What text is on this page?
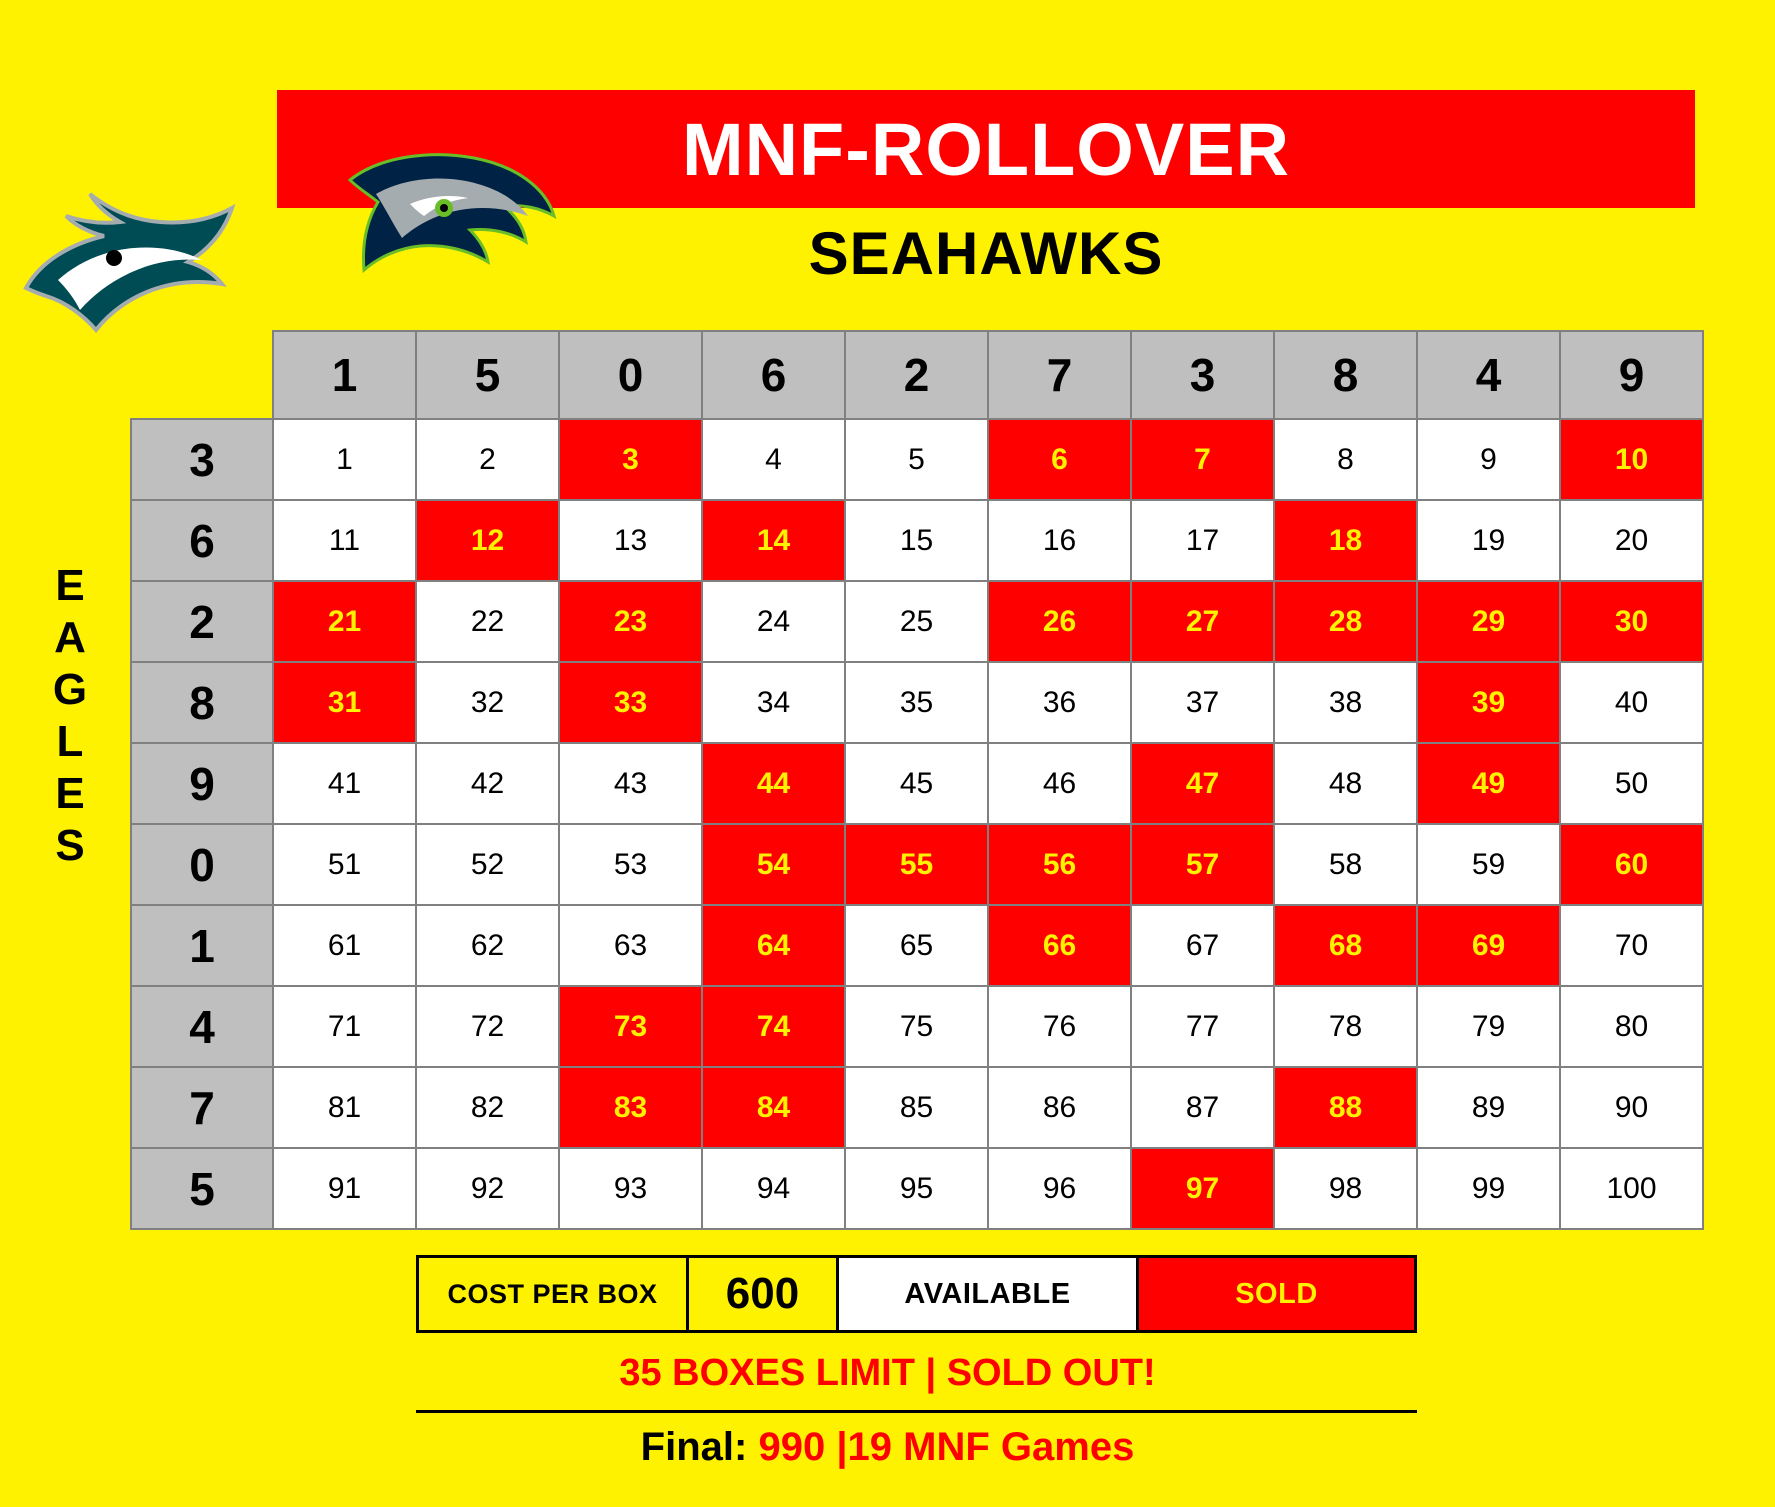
MNF-ROLLOVER
SEAHAWKS
E
A
G
L
E
S
	1	5	0	6	2	7	3	8	4	9
3	1	2	3	4	5	6	7	8	9	10
6	11	12	13	14	15	16	17	18	19	20
2	21	22	23	24	25	26	27	28	29	30
8	31	32	33	34	35	36	37	38	39	40
9	41	42	43	44	45	46	47	48	49	50
0	51	52	53	54	55	56	57	58	59	60
1	61	62	63	64	65	66	67	68	69	70
4	71	72	73	74	75	76	77	78	79	80
7	81	82	83	84	85	86	87	88	89	90
5	91	92	93	94	95	96	97	98	99	100
COST PER BOX	600	AVAILABLE	SOLD
35 BOXES LIMIT | SOLD OUT!
Final: 990 |19 MNF Games
